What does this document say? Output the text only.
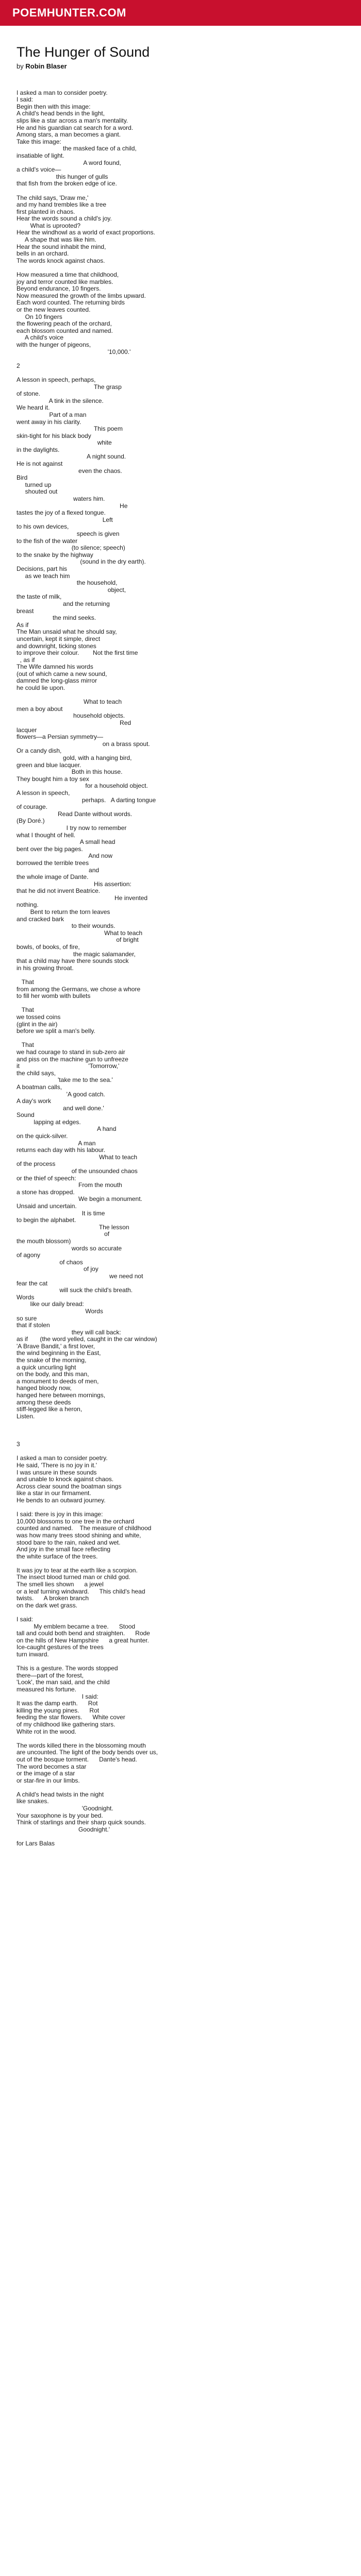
POEMHUNTER.COM
The Hunger of Sound
by Robin Blaser
I asked a man to consider poetry.
I said:
Begin then with this image:
A child's head bends in the light,
slips like a star across a man's mentality.
He and his guardian cat search for a word.
Among stars, a man becomes a giant.
Take this image:
the masked face of a child,
insatiable of light.
A word found,
a child's voice—
this hunger of gulls
that fish from the broken edge of ice.
The child says, 'Draw me,'
and my hand trembles like a tree
first planted in chaos.
Hear the words sound a child's joy.
What is uprooted?
Hear the windhowl as a world of exact proportions.
A shape that was like him.
Hear the sound inhabit the mind,
bells in an orchard.
The words knock against chaos.
How measured a time that childhood,
joy and terror counted like marbles.
Beyond endurance, 10 fingers.
Now measured the growth of the limbs upward.
Each word counted. The returning birds
or the new leaves counted.
On 10 fingers
the flowering peach of the orchard,
each blossom counted and named.
A child's voice
with the hunger of pigeons,
'10,000.'
2
A lesson in speech, perhaps,
The grasp
of stone.
A tink in the silence.
We heard it.
Part of a man
went away in his clarity.
This poem
skin-tight for his black body
white
in the daylights.
A night sound.
He is not against
even the chaos.
Bird
turned up
shouted out
waters him.
He
tastes the joy of a flexed tongue.
Left
to his own devices,
speech is given
to the fish of the water
(to silence; speech)
to the snake by the highway
(sound in the dry earth).
Decisions, part his
as we teach him
the household,
object,
the taste of milk,
and the returning
breast
the mind seeks.
As if
The Man unsaid what he should say,
uncertain, kept it simple, direct
and downright, ticking stones
to improve their colour.        Not the first time
, as if
The Wife damned his words
(out of which came a new sound,
damned the long-glass mirror
he could lie upon.
What to teach
men a boy about
household objects.
Red
lacquer
flowers—a Persian symmetry—
on a brass spout.
Or a candy dish,
gold, with a hanging bird,
green and blue lacquer.
Both in this house.
They bought him a toy sex
for a household object.
A lesson in speech,
perhaps.   A darting tongue
of courage.
Read Dante without words.
(By Doré.)
I try now to remember
what I thought of hell.
A small head
bent over the big pages.
And now
borrowed the terrible trees
and
the whole image of Dante.
His assertion:
that he did not invent Beatrice.
He invented
nothing.
Bent to return the torn leaves
and cracked bark
to their wounds.
What to teach
of bright
bowls, of books, of fire,
the magic salamander,
that a child may have there sounds stock
in his growing throat.
That
from among the Germans, we chose a whore
to fill her womb with bullets
That
we tossed coins
(glint in the air)
before we split a man's belly.
That
we had courage to stand in sub-zero air
and piss on the machine gun to unfreeze
it                                        'Tomorrow,'
the child says,
'take me to the sea.'
A boatman calls,
'A good catch.
A day's work
and well done.'
Sound
lapping at edges.
A hand
on the quick-silver.
A man
returns each day with his labour.
What to teach
of the process
of the unsounded chaos
or the thief of speech:
From the mouth
a stone has dropped.
We begin a monument.
Unsaid and uncertain.
It is time
to begin the alphabet.
The lesson
of
the mouth blossom)
words so accurate
of agony
of chaos
of joy
we need not
fear the cat
will suck the child's breath.
Words
like our daily bread:
Words
so sure
that if stolen
they will call back:
as if       (the word yelled, caught in the car window)
'A Brave Bandit,' a first lover,
the wind beginning in the East,
the snake of the morning,
a quick uncurling light
on the body, and this man,
a monument to deeds of men,
hanged bloody now,
hanged here between mornings,
among these deeds
stiff-legged like a heron,
Listen.
3
I asked a man to consider poetry.
He said, 'There is no joy in it.'
I was unsure in these sounds
and unable to knock against chaos.
Across clear sound the boatman sings
like a star in our firmament.
He bends to an outward journey.
I said: there is joy in this image:
10,000 blossoms to one tree in the orchard
counted and named.    The measure of childhood
was how many trees stood shining and white,
stood bare to the rain, naked and wet.
And joy in the small face reflecting
the white surface of the trees.
It was joy to tear at the earth like a scorpion.
The insect blood turned man or child god.
The smell lies shown      a jewel
or a leaf turning windward.      This child's head
twists.      A broken branch
on the dark wet grass.
I said:
My emblem became a tree.      Stood
tall and could both bend and straighten.      Rode
on the hills of New Hampshire      a great hunter.
Ice-caught gestures of the trees
turn inward.
This is a gesture. The words stopped
there—part of the forest,
'Look', the man said, and the child
measured his fortune.
I said:
It was the damp earth.      Rot
killing the young pines.      Rot
feeding the star flowers.      White cover
of my childhood like gathering stars.
White rot in the wood.
The words killed there in the blossoming mouth
are uncounted. The light of the body bends over us,
out of the bosque torment.      Dante's head.
The word becomes a star
or the image of a star
or star-fire in our limbs.
A child's head twists in the night
like snakes.
'Goodnight.
Your saxophone is by your bed.
Think of starlings and their sharp quick sounds.
Goodnight.'
for Lars Balas
